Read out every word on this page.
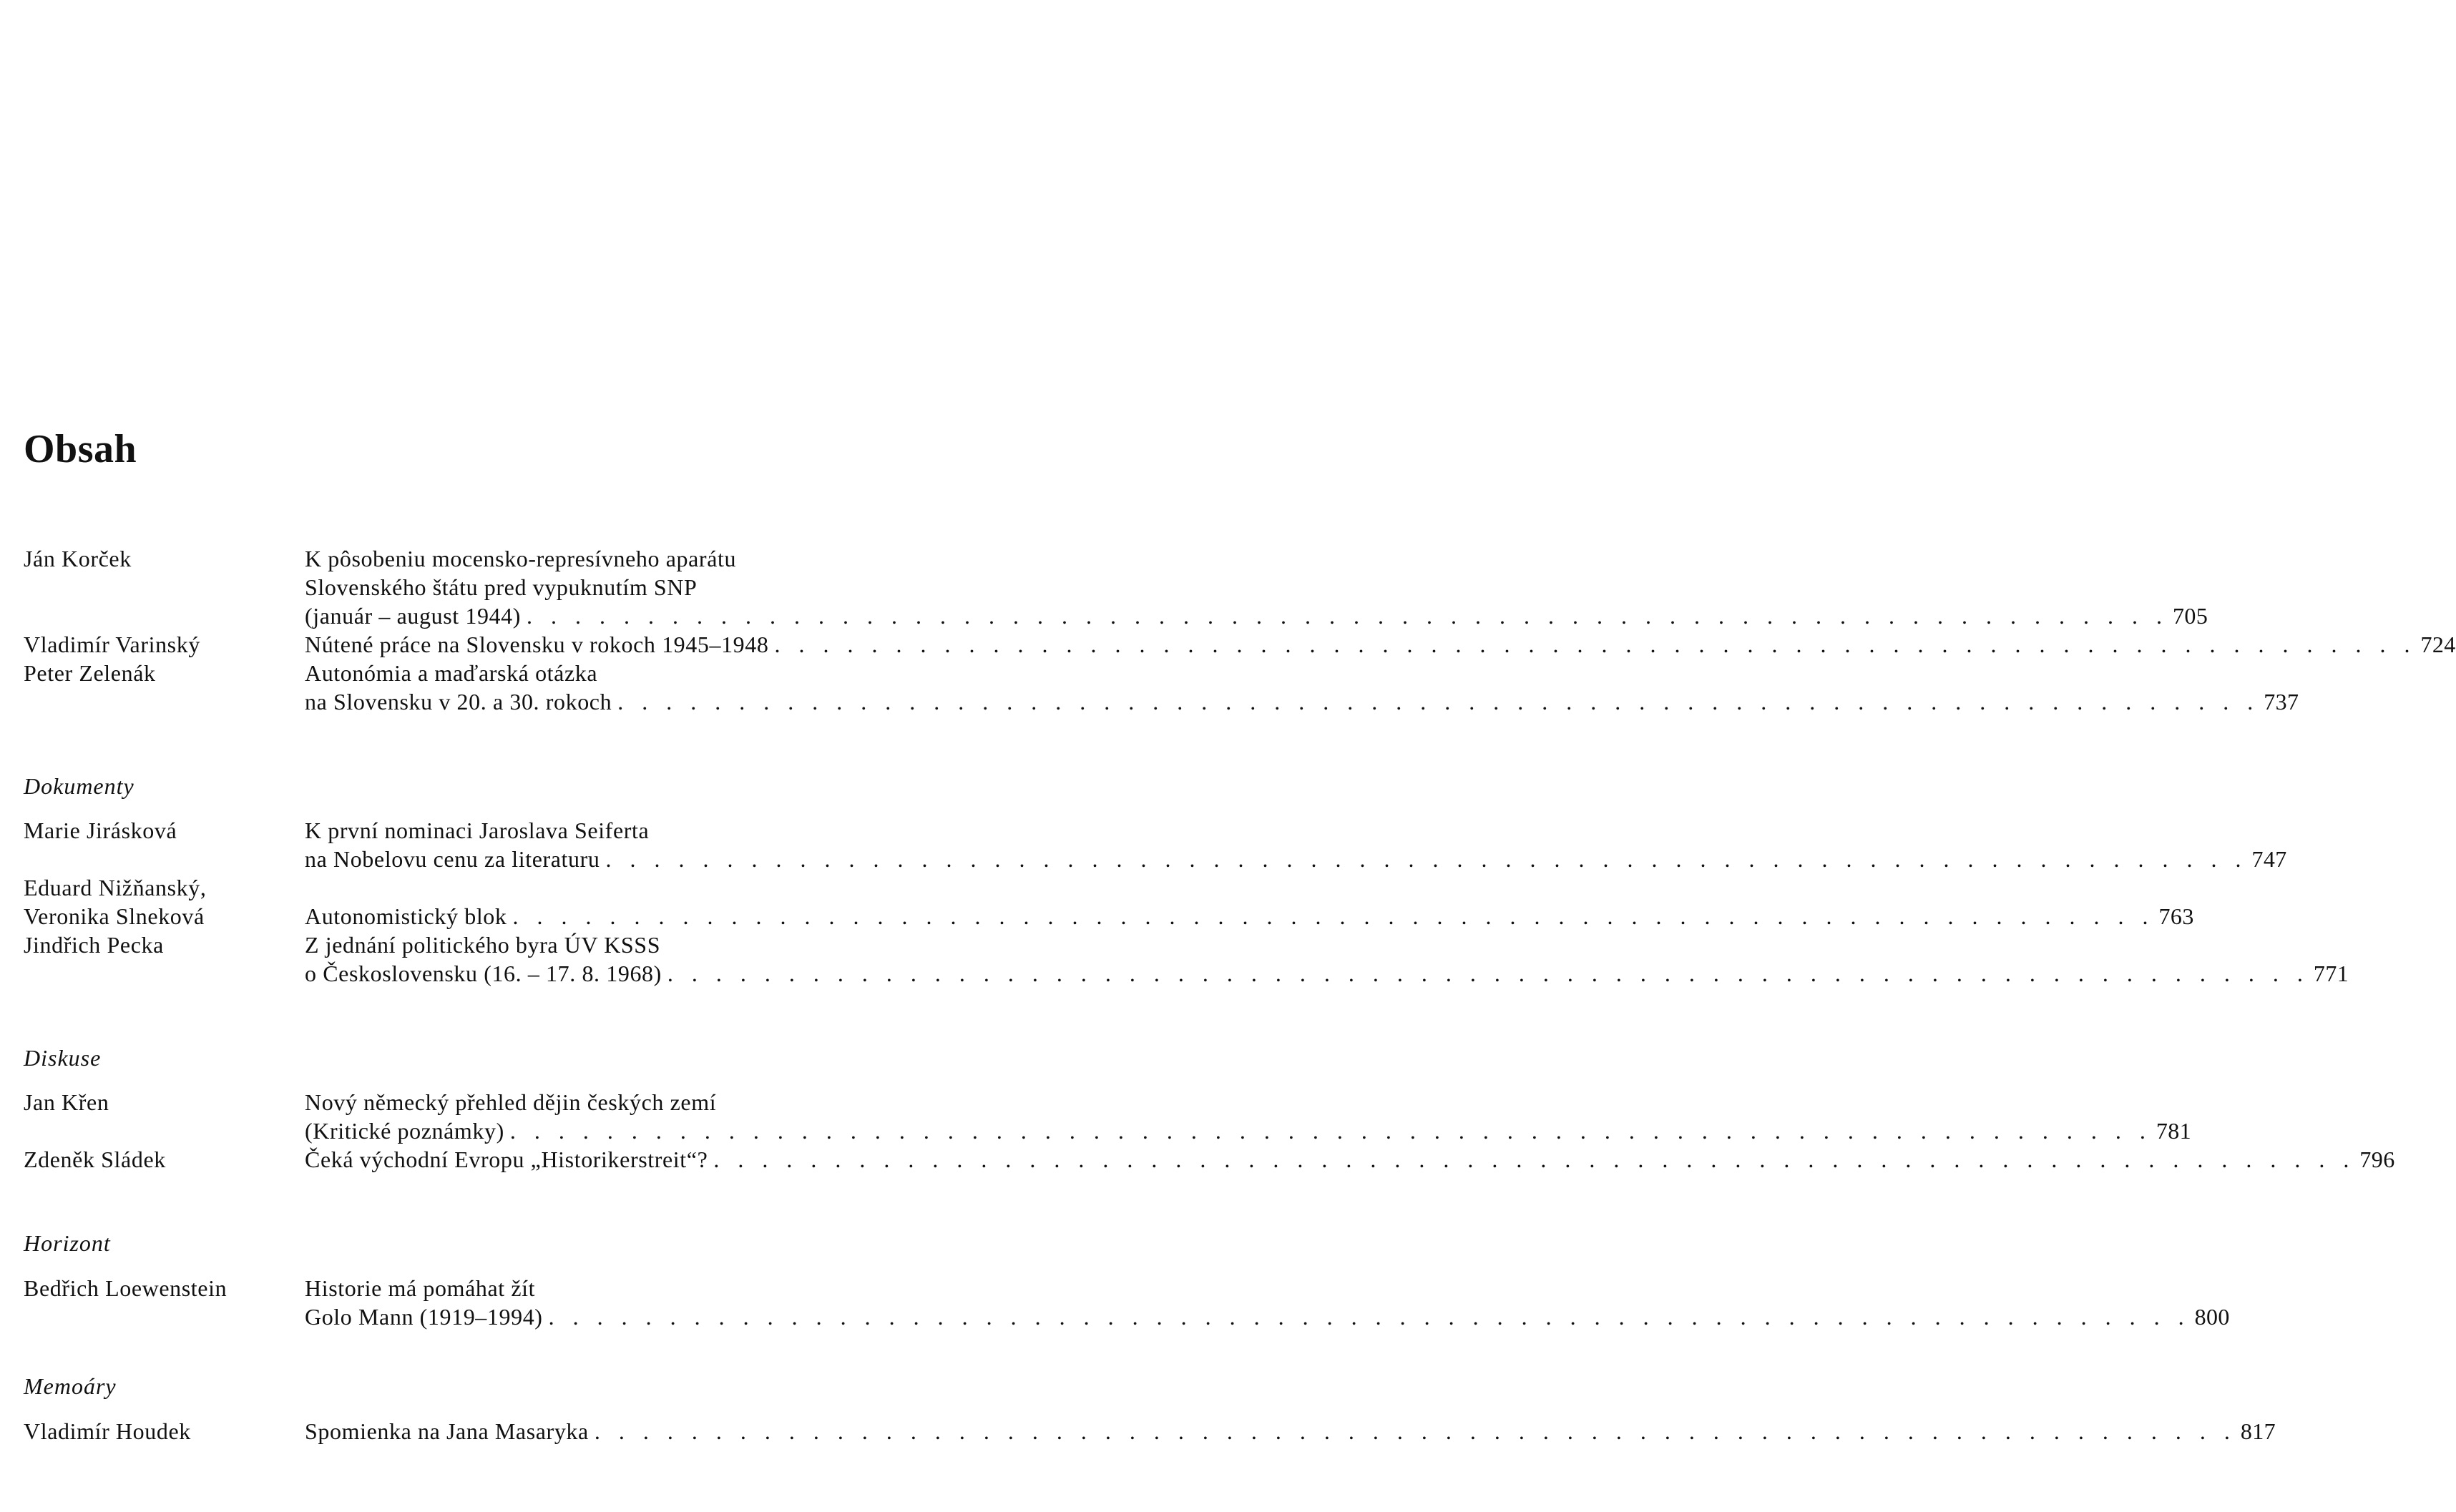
Obsah
Ján Korček	K pôsobeniu mocensko-represívneho aparátu
Slovenského štátu pred vypuknutím SNP
(január – august 1944) . . . . . . . . . . . . . . . . . . . . . . . . . . . . . . . . . . . . . . . . . . . . . . . . . . . . . . . . . . . . . . . . . . . . 705
Vladimír Varinský	Nútené práce na Slovensku v rokoch 1945–1948 . . . . . . . . . . . . . . . . . . . . . . . . . . . . . . . . . . . . . . . . . . . . . . . . . . . . . . . . . . . . . . . . . . . . 724
Peter Zelenák	Autonómia a maďarská otázka
na Slovensku v 20. a 30. rokoch . . . . . . . . . . . . . . . . . . . . . . . . . . . . . . . . . . . . . . . . . . . . . . . . . . . . . . . . . . . . . . . . . . . . 737
Dokumenty
Marie Jirásková	K první nominaci Jaroslava Seiferta
na Nobelovu cenu za literaturu . . . . . . . . . . . . . . . . . . . . . . . . . . . . . . . . . . . . . . . . . . . . . . . . . . . . . . . . . . . . . . . . . . . . 747
Eduard Nižňanský,
Veronika Slneková	Autonomistický blok . . . . . . . . . . . . . . . . . . . . . . . . . . . . . . . . . . . . . . . . . . . . . . . . . . . . . . . . . . . . . . . . . . . . 763
Jindřich Pecka	Z jednání politického byra ÚV KSSS
o Československu (16. – 17. 8. 1968) . . . . . . . . . . . . . . . . . . . . . . . . . . . . . . . . . . . . . . . . . . . . . . . . . . . . . . . . . . . . . . . . . . . . 771
Diskuse
Jan Křen	Nový německý přehled dějin českých zemí
(Kritické poznámky) . . . . . . . . . . . . . . . . . . . . . . . . . . . . . . . . . . . . . . . . . . . . . . . . . . . . . . . . . . . . . . . . . . . . 781
Zdeněk Sládek	Čeká východní Evropu „Historikerstreit“? . . . . . . . . . . . . . . . . . . . . . . . . . . . . . . . . . . . . . . . . . . . . . . . . . . . . . . . . . . . . . . . . . . . . 796
Horizont
Bedřich Loewenstein	Historie má pomáhat žít
Golo Mann (1919–1994) . . . . . . . . . . . . . . . . . . . . . . . . . . . . . . . . . . . . . . . . . . . . . . . . . . . . . . . . . . . . . . . . . . . . 800
Memoáry
Vladimír Houdek	Spomienka na Jana Masaryka . . . . . . . . . . . . . . . . . . . . . . . . . . . . . . . . . . . . . . . . . . . . . . . . . . . . . . . . . . . . . . . . . . . . 817
